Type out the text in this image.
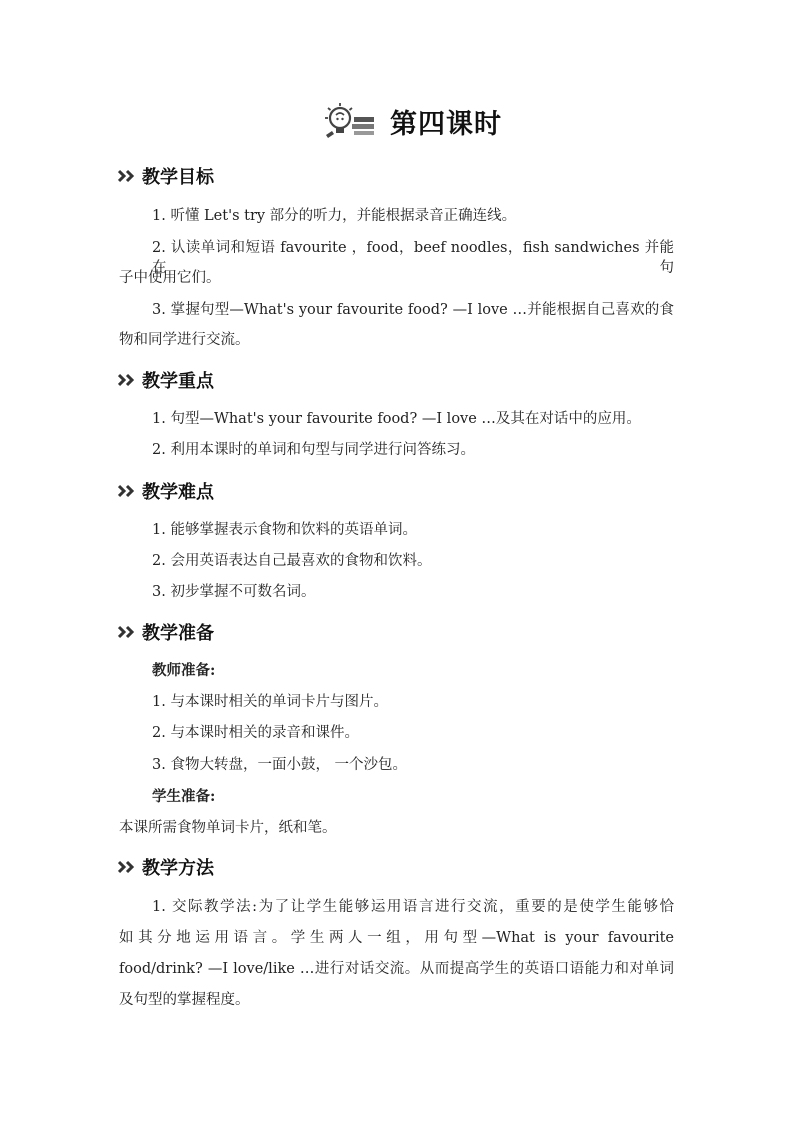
第四课时
教学目标
1. 听懂 Let's try 部分的听力，并能根据录音正确连线。
2. 认读单词和短语 favourite ，food，beef noodles，fish sandwiches 并能在句
子中使用它们。
3. 掌握句型—What's your favourite food? —I love …并能根据自己喜欢的食
物和同学进行交流。
教学重点
1. 句型—What's your favourite food? —I love …及其在对话中的应用。
2. 利用本课时的单词和句型与同学进行问答练习。
教学难点
1. 能够掌握表示食物和饮料的英语单词。
2. 会用英语表达自己最喜欢的食物和饮料。
3. 初步掌握不可数名词。
教学准备
教师准备:
1. 与本课时相关的单词卡片与图片。
2. 与本课时相关的录音和课件。
3. 食物大转盘，一面小鼓， 一个沙包。
学生准备:
本课所需食物单词卡片，纸和笔。
教学方法
1. 交际教学法:为了让学生能够运用语言进行交流，重要的是使学生能够恰
如其分地运用语言。学生两人一组，用句型—What is your favourite
food/drink? —I love/like …进行对话交流。从而提高学生的英语口语能力和对单词
及句型的掌握程度。
